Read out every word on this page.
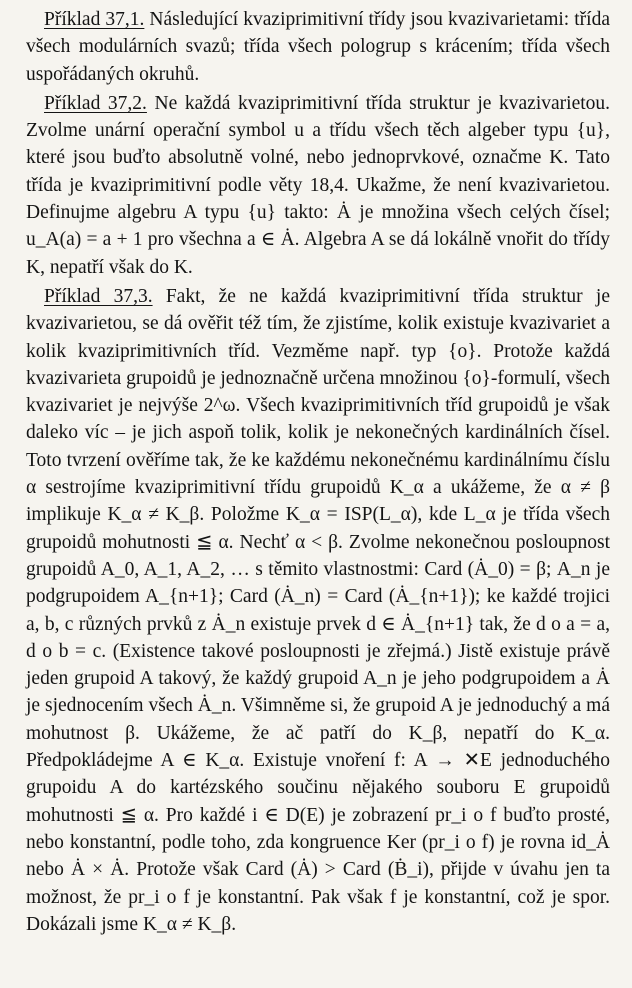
Příklad 37,1. Následující kvaziprimitivní třídy jsou kvazivarietami: třída všech modulárních svazů; třída všech pologrup s krácením; třída všech uspořádaných okruhů.

Příklad 37,2. Ne každá kvaziprimitivní třída struktur je kvazivarietou. Zvolme unární operační symbol u a třídu všech těch algeber typu {u}, které jsou buďto absolutně volné, nebo jednoprvkové, označme K. Tato třída je kvaziprimitivní podle věty 18,4. Ukažme, že není kvazivarietou. Definujme algebru A typu {u} takto: Ȧ je množina všech celých čísel; u_A(a) = a + 1 pro všechna a ∈ Ȧ. Algebra A se dá lokálně vnořit do třídy K, nepatří však do K.

Příklad 37,3. Fakt, že ne každá kvaziprimitivní třída struktur je kvazivarietou, se dá ověřit též tím, že zjistíme, kolik existuje kvazivariet a kolik kvaziprimitivních tříd. Vezměme např. typ {o}. Protože každá kvazivarieta grupoidů je jednoznačně určena množinou {o}-formulí, všech kvazivariet je nejvýše 2^ω. Všech kvaziprimitivních tříd grupoidů je však daleko víc – je jich aspoň tolik, kolik je nekonečných kardinálních čísel. Toto tvrzení ověříme tak, že ke každému nekonečnému kardinálnímu číslu α sestrojíme kvaziprimitivní třídu grupoidů K_α a ukážeme, že α ≠ β implikuje K_α ≠ K_β. Položme K_α = ISP(L_α), kde L_α je třída všech grupoidů mohutnosti ≦ α. Nechť α < β. Zvolme nekonečnou posloupnost grupoidů A_0, A_1, A_2, … s těmito vlastnostmi: Card (Ȧ_0) = β; A_n je podgrupoidem A_{n+1}; Card (Ȧ_n) = Card (Ȧ_{n+1}); ke každé trojici a, b, c různých prvků z Ȧ_n existuje prvek d ∈ Ȧ_{n+1} tak, že d o a = a, d o b = c. (Existence takové posloupnosti je zřejmá.) Jistě existuje právě jeden grupoid A takový, že každý grupoid A_n je jeho podgrupoidem a Ȧ je sjednocením všech Ȧ_n. Všimněme si, že grupoid A je jednoduchý a má mohutnost β. Ukážeme, že ač patří do K_β, nepatří do K_α. Předpokládejme A ∈ K_α. Existuje vnoření f: A → ✕E jednoduchého grupoidu A do kartézského součinu nějakého souboru E grupoidů mohutnosti ≦ α. Pro každé i ∈ D(E) je zobrazení pr_i o f buďto prosté, nebo konstantní, podle toho, zda kongruence Ker (pr_i o f) je rovna id_Ȧ nebo Ȧ × Ȧ. Protože však Card (Ȧ) > Card (Ḃ_i), přijde v úvahu jen ta možnost, že pr_i o f je konstantní. Pak však f je konstantní, což je spor. Dokázali jsme K_α ≠ K_β.
